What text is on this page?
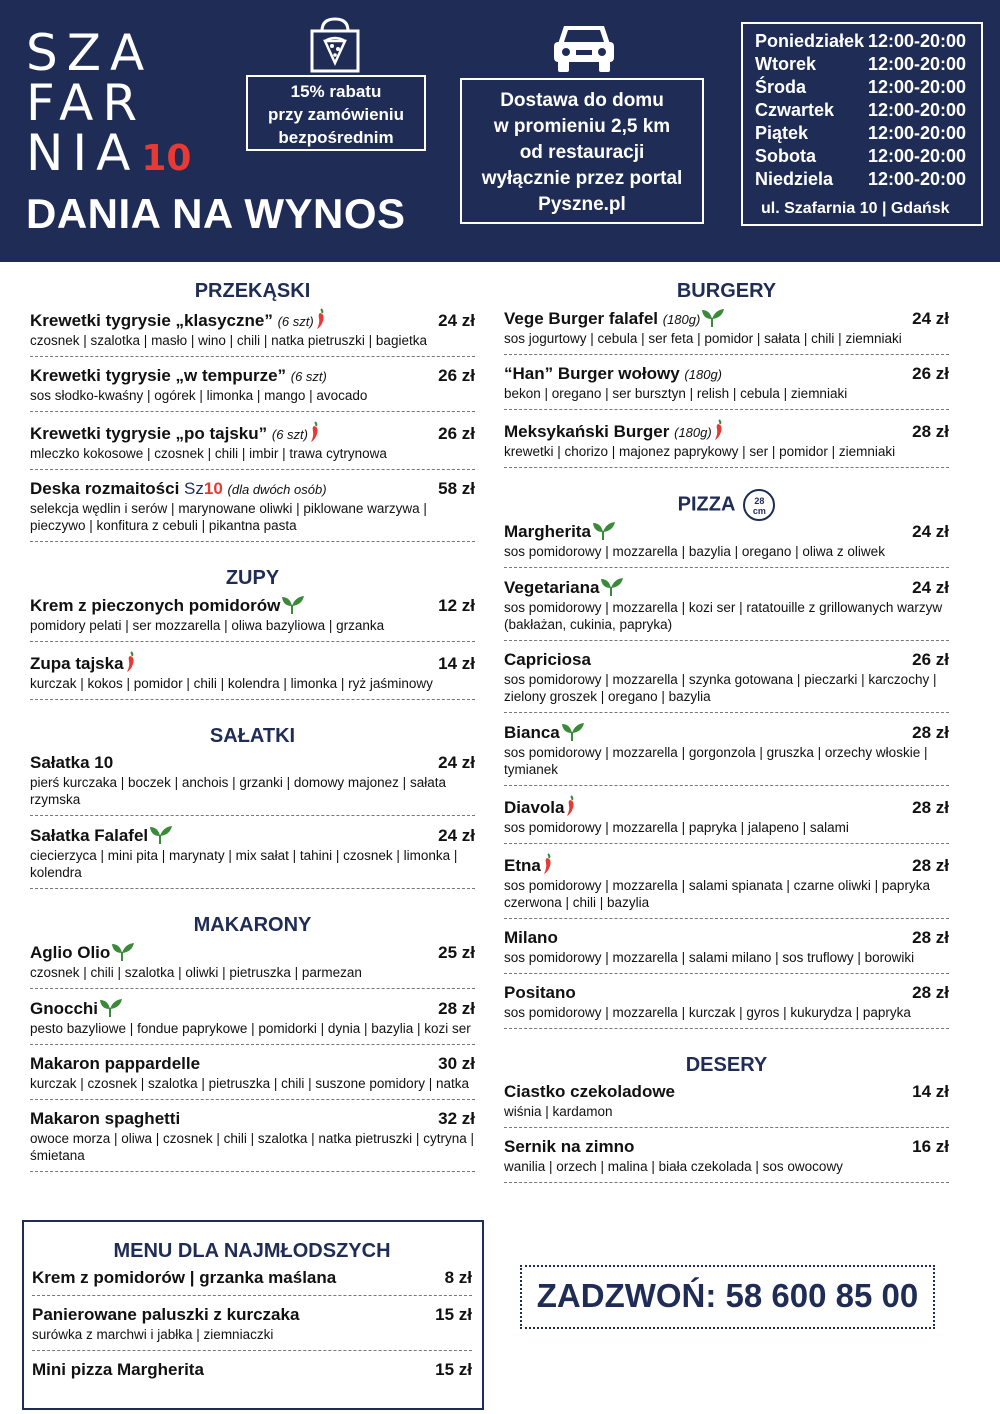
SZA
FAR
NIA10
DANIA NA WYNOS
15% rabatu
przy zamówieniu
bezpośrednim
Dostawa do domu
w promieniu 2,5 km
od restauracji
wyłącznie przez portal
Pyszne.pl
Poniedziałek 12:00-20:00
Wtorek	12:00-20:00
Środa	12:00-20:00
Czwartek	12:00-20:00
Piątek	12:00-20:00
Sobota	12:00-20:00
Niedziela	12:00-20:00
ul. Szafarnia 10 | Gdańsk
PRZEKĄSKI
Krewetki tygrysie „klasyczne” (6 szt)	24 zł
czosnek | szalotka | masło | wino | chili | natka pietruszki | bagietka
Krewetki tygrysie „w tempurze” (6 szt)	26 zł
sos słodko-kwaśny | ogórek | limonka | mango | avocado
Krewetki tygrysie „po tajsku” (6 szt)	26 zł
mleczko kokosowe | czosnek | chili | imbir | trawa cytrynowa
Deska rozmaitości Sz10 (dla dwóch osób)	58 zł
selekcja wędlin i serów | marynowane oliwki | piklowane warzywa | pieczywo | konfitura z cebuli | pikantna pasta
ZUPY
Krem z pieczonych pomidorów	12 zł
pomidory pelati | ser mozzarella | oliwa bazyliowa | grzanka
Zupa tajska	14 zł
kurczak | kokos | pomidor | chili | kolendra | limonka | ryż jaśminowy
SAŁATKI
Sałatka 10	24 zł
pierś kurczaka | boczek | anchois | grzanki | domowy majonez | sałata rzymska
Sałatka Falafel	24 zł
ciecierzyca | mini pita | marynaty | mix sałat | tahini | czosnek | limonka | kolendra
MAKARONY
Aglio Olio	25 zł
czosnek | chili | szalotka | oliwki | pietruszka | parmezan
Gnocchi	28 zł
pesto bazyliowe | fondue paprykowe | pomidorki | dynia | bazylia | kozi ser
Makaron pappardelle	30 zł
kurczak | czosnek | szalotka | pietruszka | chili | suszone pomidory | natka
Makaron spaghetti	32 zł
owoce morza | oliwa | czosnek | chili | szalotka | natka pietruszki | cytryna | śmietana
BURGERY
Vege Burger falafel (180g)	24 zł
sos jogurtowy | cebula | ser feta | pomidor | sałata | chili | ziemniaki
“Han” Burger wołowy (180g)	26 zł
bekon | oregano | ser bursztyn | relish | cebula | ziemniaki
Meksykański Burger (180g)	28 zł
krewetki | chorizo | majonez paprykowy | ser | pomidor | ziemniaki
PIZZA 28
cm
Margherita	24 zł
sos pomidorowy | mozzarella | bazylia | oregano | oliwa z oliwek
Vegetariana	24 zł
sos pomidorowy | mozzarella | kozi ser | ratatouille z grillowanych warzyw (bakłażan, cukinia, papryka)
Capriciosa	26 zł
sos pomidorowy | mozzarella | szynka gotowana | pieczarki | karczochy | zielony groszek | oregano | bazylia
Bianca	28 zł
sos pomidorowy | mozzarella | gorgonzola | gruszka | orzechy włoskie | tymianek
Diavola	28 zł
sos pomidorowy | mozzarella | papryka | jalapeno | salami
Etna	28 zł
sos pomidorowy | mozzarella | salami spianata | czarne oliwki | papryka czerwona | chili | bazylia
Milano	28 zł
sos pomidorowy | mozzarella | salami milano | sos truflowy | borowiki
Positano	28 zł
sos pomidorowy | mozzarella | kurczak | gyros | kukurydza | papryka
DESERY
Ciastko czekoladowe	14 zł
wiśnia | kardamon
Sernik na zimno	16 zł
wanilia | orzech | malina | biała czekolada | sos owocowy
MENU DLA NAJMŁODSZYCH
Krem z pomidorów | grzanka maślana	8 zł
Panierowane paluszki z kurczaka	15 zł
surówka z marchwi i jabłka | ziemniaczki
Mini pizza Margherita	15 zł
ZADZWOŃ: 58 600 85 00
